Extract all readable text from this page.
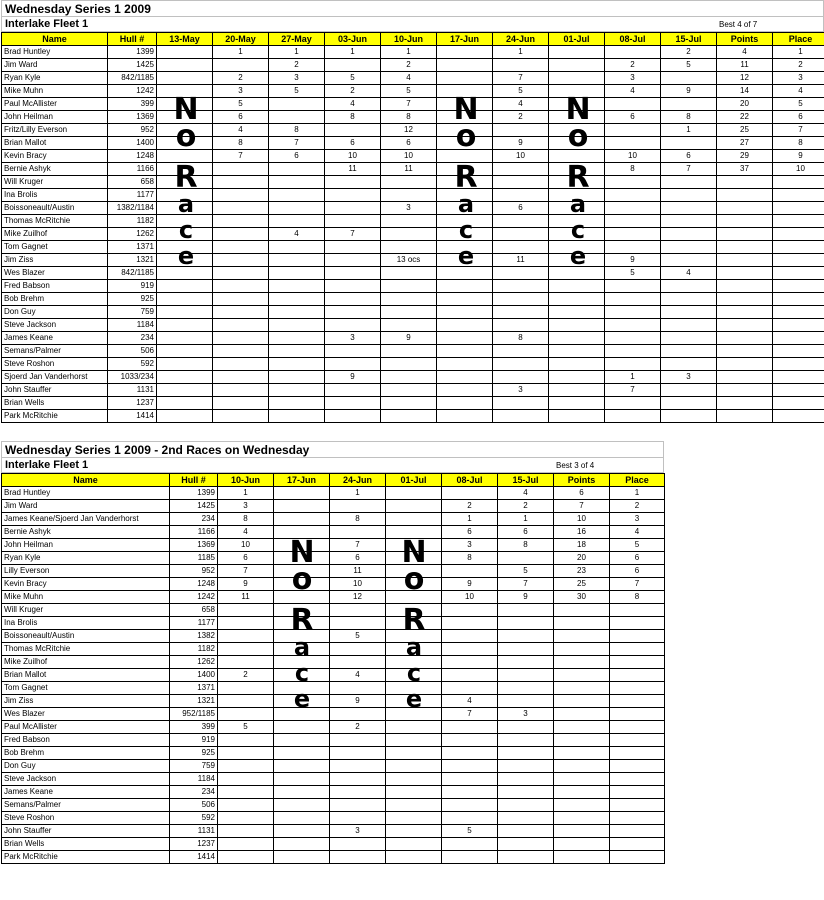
Wednesday Series 1 2009
Interlake Fleet 1	Best 4 of 7
Name	Hull #	13-May	20-May	27-May	03-Jun	10-Jun	17-Jun	24-Jun	01-Jul	08-Jul	15-Jul	Points	Place
Brad Huntley	1399		1	1	1	1		1			2	4	1
Jim Ward	1425			2		2				2	5	11	2
Ryan Kyle	842/1185		2	3	5	4		7		3		12	3
Mike Muhn	1242		3	5	2	5		5		4	9	14	4
Paul McAllister	399		5		4	7		4				20	5
John Heilman	1369		6		8	8		2		6	8	22	6
Fritz/Lilly Everson	952		4	8		12					1	25	7
Brian Mallot	1400		8	7	6	6		9				27	8
Kevin Bracy	1248		7	6	10	10		10		10	6	29	9
Bernie Ashyk	1166				11	11				8	7	37	10
Will Kruger	658												
Ina Brolis	1177												
Boissoneault/Austin	1382/1184					3		6					
Thomas McRitchie	1182												
Mike Zuilhof	1262			4	7								
Tom Gagnet	1371												
Jim Ziss	1321					13 ocs		11		9			
Wes Blazer	842/1185									5	4		
Fred Babson	919												
Bob Brehm	925												
Don Guy	759												
Steve Jackson	1184												
James Keane	234				3	9		8					
Semans/Palmer	506												
Steve Roshon	592												
Sjoerd Jan Vanderhorst	1033/234				9					1	3		
John Stauffer	1131							3		7			
Brian Wells	1237												
Park McRitchie	1414												
N
o
R
a
c
e
N
o
R
a
c
e
N
o
R
a
c
e
Wednesday Series 1 2009 - 2nd Races on Wednesday
Interlake Fleet 1	Best 3 of 4
Name	Hull #	10-Jun	17-Jun	24-Jun	01-Jul	08-Jul	15-Jul	Points	Place
Brad Huntley	1399	1		1			4	6	1
Jim Ward	1425	3				2	2	7	2
James Keane/Sjoerd Jan Vanderhorst	234	8		8		1	1	10	3
Bernie Ashyk	1166	4				6	6	16	4
John Heilman	1369	10		7		3	8	18	5
Ryan Kyle	1185	6		6		8		20	6
Lilly Everson	952	7		11			5	23	6
Kevin Bracy	1248	9		10		9	7	25	7
Mike Muhn	1242	11		12		10	9	30	8
Will Kruger	658								
Ina Brolis	1177								
Boissoneault/Austin	1382			5					
Thomas McRitchie	1182								
Mike Zuilhof	1262								
Brian Mallot	1400	2		4					
Tom Gagnet	1371								
Jim Ziss	1321			9		4			
Wes Blazer	952/1185					7	3		
Paul McAllister	399	5		2					
Fred Babson	919								
Bob Brehm	925								
Don Guy	759								
Steve Jackson	1184								
James Keane	234								
Semans/Palmer	506								
Steve Roshon	592								
John Stauffer	1131			3		5			
Brian Wells	1237								
Park McRitchie	1414								
N
o
R
a
c
e
N
o
R
a
c
e
